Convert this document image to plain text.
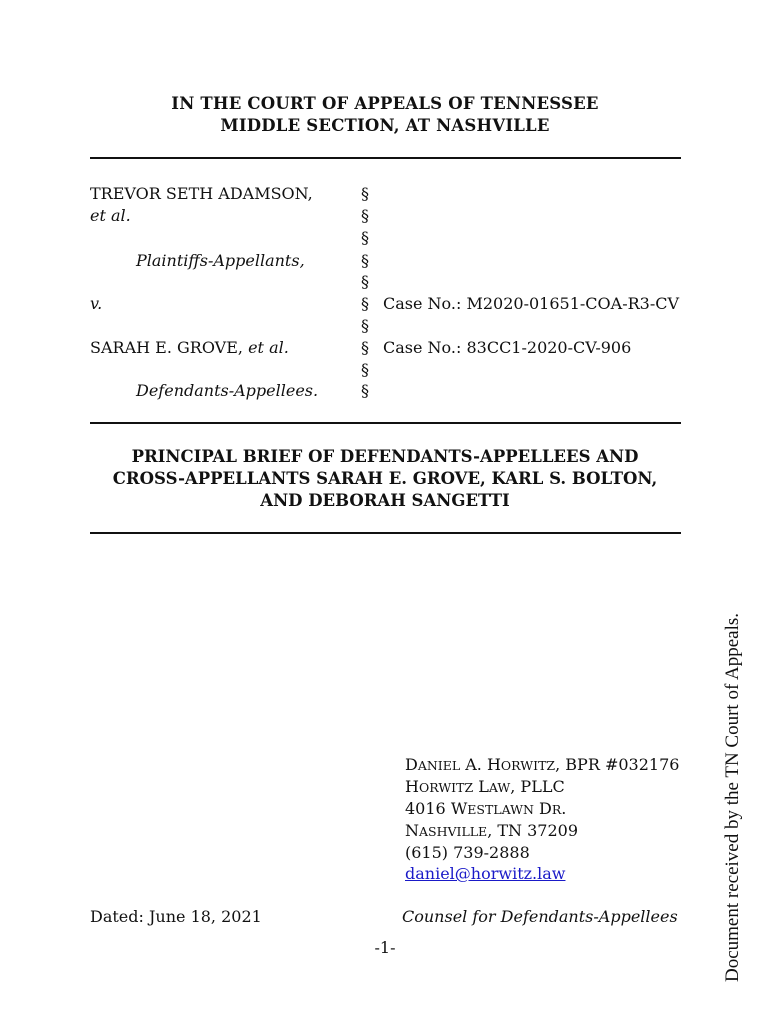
IN THE COURT OF APPEALS OF TENNESSEE
MIDDLE SECTION, AT NASHVILLE
TREVOR SETH ADAMSON,
et al.
Plaintiffs-Appellants,
v.
SARAH E. GROVE, et al.
Defendants-Appellees.
§
§
§
§
§
§
§
§
§
§
Case No.: M2020-01651-COA-R3-CV
Case No.: 83CC1-2020-CV-906
PRINCIPAL BRIEF OF DEFENDANTS-APPELLEES AND
CROSS-APPELLANTS SARAH E. GROVE, KARL S. BOLTON,
AND DEBORAH SANGETTI
DANIEL A. HORWITZ, BPR #032176
HORWITZ LAW, PLLC
4016 WESTLAWN DR.
NASHVILLE, TN 37209
(615) 739-2888
daniel@horwitz.law
Dated: June 18, 2021	Counsel for Defendants-Appellees
-1-	Document received by the TN Court of Appeals.
